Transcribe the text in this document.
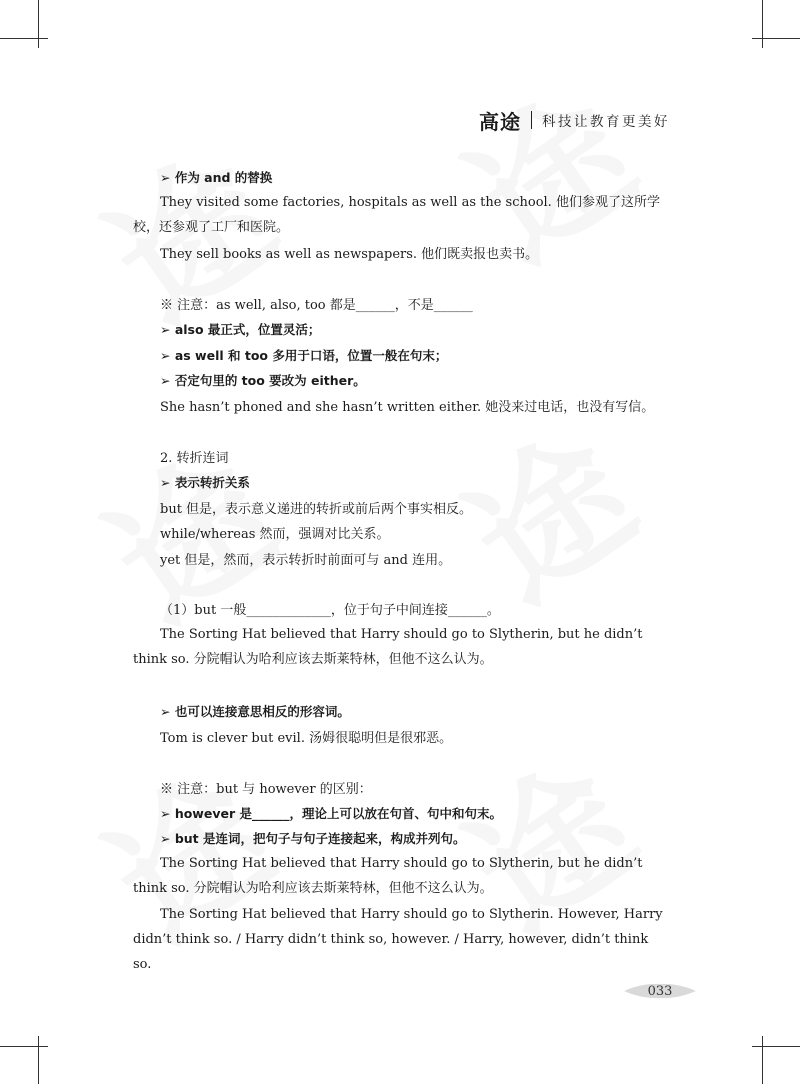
高途 科技让教育更美好
➢ 作为 and 的替换
They visited some factories, hospitals as well as the school. 他们参观了这所学校，还参观了工厂和医院。
They sell books as well as newspapers. 他们既卖报也卖书。
※ 注意：as well, also, too 都是______，不是______
➢ also 最正式，位置灵活；
➢ as well 和 too 多用于口语，位置一般在句末；
➢ 否定句里的 too 要改为 either。
She hasn’t phoned and she hasn’t written either. 她没来过电话，也没有写信。
2. 转折连词
➢ 表示转折关系
but 但是，表示意义递进的转折或前后两个事实相反。
while/whereas 然而，强调对比关系。
yet 但是，然而，表示转折时前面可与 and 连用。
（1）but 一般_____________，位于句子中间连接______。
The Sorting Hat believed that Harry should go to Slytherin, but he didn’t think so. 分院帽认为哈利应该去斯莱特林，但他不这么认为。
➢ 也可以连接意思相反的形容词。
Tom is clever but evil. 汤姆很聪明但是很邪恶。
※ 注意：but 与 however 的区别：
➢ however 是______，理论上可以放在句首、句中和句末。
➢ but 是连词，把句子与句子连接起来，构成并列句。
The Sorting Hat believed that Harry should go to Slytherin, but he didn’t think so. 分院帽认为哈利应该去斯莱特林，但他不这么认为。
The Sorting Hat believed that Harry should go to Slytherin. However, Harry didn’t think so. / Harry didn’t think so, however. / Harry, however, didn’t think so.
033
